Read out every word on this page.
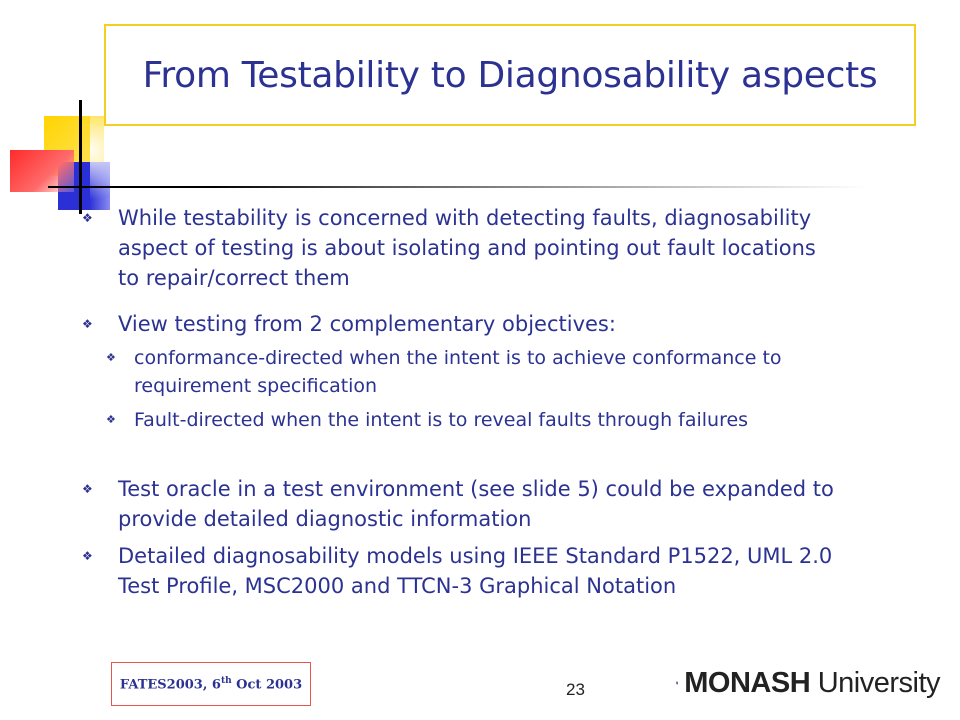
From Testability to Diagnosability aspects
❖	While testability is concerned with detecting faults, diagnosability aspect of testing is about isolating and pointing out fault locations to repair/correct them
❖	View testing from 2 complementary objectives:
❖ conformance-directed when the intent is to achieve conformance to requirement specification
❖ Fault-directed when the intent is to reveal faults through failures
❖	Test oracle in a test environment (see slide 5) could be expanded to provide detailed diagnostic information
❖	Detailed diagnosability models using IEEE Standard P1522, UML 2.0 Test Profile, MSC2000 and TTCN-3 Graphical Notation
FATES2003, 6th Oct 2003	23	MONASH University
